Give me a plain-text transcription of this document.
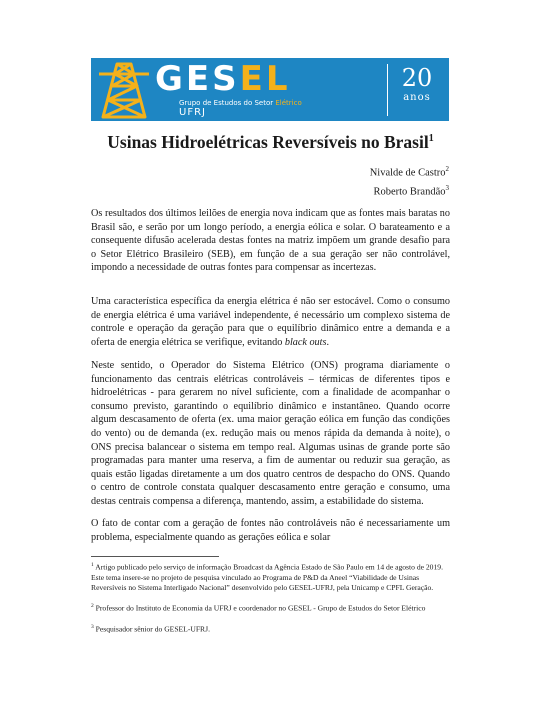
GESEL
Grupo de Estudos do Setor Elétrico
UFRJ
20
anos
Usinas Hidroelétricas Reversíveis no Brasil$^1$
Nivalde de Castro$^2$
Roberto Brandão$^3$

Os resultados dos últimos leilões de energia nova indicam que as fontes mais baratas no Brasil são, e serão por um longo período, a energia eólica e solar. O barateamento e a consequente difusão acelerada destas fontes na matriz impõem um grande desafio para o Setor Elétrico Brasileiro (SEB), em função de a sua geração ser não controlável, impondo a necessidade de outras fontes para compensar as incertezas.

Uma característica específica da energia elétrica é não ser estocável. Como o consumo de energia elétrica é uma variável independente, é necessário um complexo sistema de controle e operação da geração para que o equilíbrio dinâmico entre a demanda e a oferta de energia elétrica se verifique, evitando black outs.

Neste sentido, o Operador do Sistema Elétrico (ONS) programa diariamente o funcionamento das centrais elétricas controláveis – térmicas de diferentes tipos e hidroelétricas - para gerarem no nível suficiente, com a finalidade de acompanhar o consumo previsto, garantindo o equilíbrio dinâmico e instantâneo. Quando ocorre algum descasamento de oferta (ex. uma maior geração eólica em função das condições do vento) ou de demanda (ex. redução mais ou menos rápida da demanda à noite), o ONS precisa balancear o sistema em tempo real. Algumas usinas de grande porte são programadas para manter uma reserva, a fim de aumentar ou reduzir sua geração, as quais estão ligadas diretamente a um dos quatro centros de despacho do ONS. Quando o centro de controle constata qualquer descasamento entre geração e consumo, uma destas centrais compensa a diferença, mantendo, assim, a estabilidade do sistema.

O fato de contar com a geração de fontes não controláveis não é necessariamente um problema, especialmente quando as gerações eólica e solar

$^1$ Artigo publicado pelo serviço de informação Broadcast da Agência Estado de São Paulo em 14 de agosto de 2019. Este tema insere-se no projeto de pesquisa vinculado ao Programa de P&D da Aneel “Viabilidade de Usinas Reversíveis no Sistema Interligado Nacional” desenvolvido pelo GESEL-UFRJ, pela Unicamp e CPFL Geração.

$^2$ Professor do Instituto de Economia da UFRJ e coordenador no GESEL - Grupo de Estudos do Setor Elétrico

$^3$ Pesquisador sênior do GESEL-UFRJ.
